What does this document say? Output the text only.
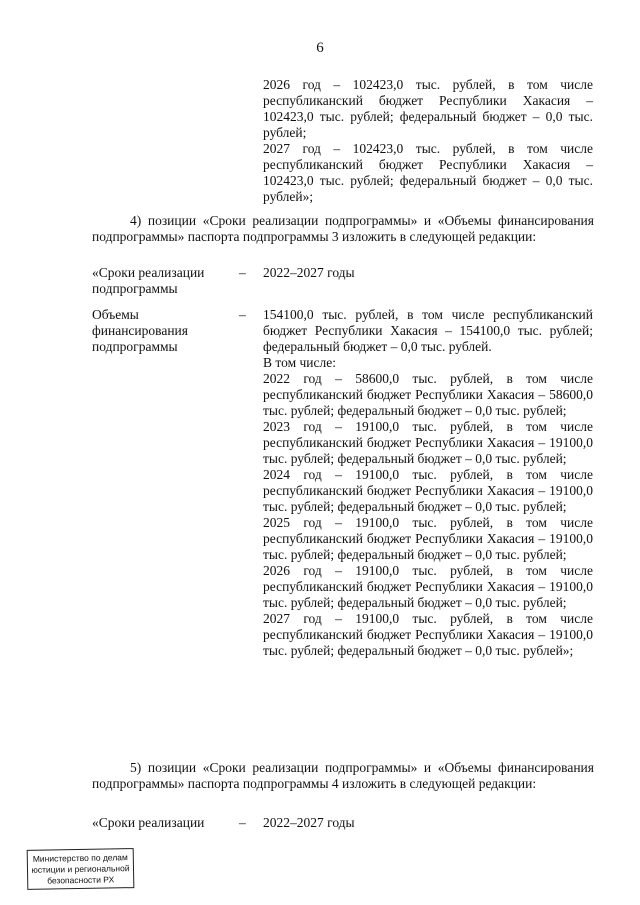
6

2026 год – 102423,0 тыс. рублей, в том числе республиканский бюджет Республики Хакасия – 102423,0 тыс. рублей; федеральный бюджет – 0,0 тыс. рублей;

2027 год – 102423,0 тыс. рублей, в том числе республиканский бюджет Республики Хакасия – 102423,0 тыс. рублей; федеральный бюджет – 0,0 тыс. рублей»;

4) позиции «Сроки реализации подпрограммы» и «Объемы финансирования подпрограммы» паспорта подпрограммы 3 изложить в следующей редакции:

«Сроки реализации подпрограммы
– 2022–2027 годы
Объемы финансирования подпрограммы
– 154100,0 тыс. рублей, в том числе республиканский бюджет Республики Хакасия – 154100,0 тыс. рублей; федеральный бюджет – 0,0 тыс. рублей.

В том числе:

2022 год – 58600,0 тыс. рублей, в том числе республиканский бюджет Республики Хакасия – 58600,0 тыс. рублей; федеральный бюджет – 0,0 тыс. рублей;

2023 год – 19100,0 тыс. рублей, в том числе республиканский бюджет Республики Хакасия – 19100,0 тыс. рублей; федеральный бюджет – 0,0 тыс. рублей;

2024 год – 19100,0 тыс. рублей, в том числе республиканский бюджет Республики Хакасия – 19100,0 тыс. рублей; федеральный бюджет – 0,0 тыс. рублей;

2025 год – 19100,0 тыс. рублей, в том числе республиканский бюджет Республики Хакасия – 19100,0 тыс. рублей; федеральный бюджет – 0,0 тыс. рублей;

2026 год – 19100,0 тыс. рублей, в том числе республиканский бюджет Республики Хакасия – 19100,0 тыс. рублей; федеральный бюджет – 0,0 тыс. рублей;

2027 год – 19100,0 тыс. рублей, в том числе республиканский бюджет Республики Хакасия – 19100,0 тыс. рублей; федеральный бюджет – 0,0 тыс. рублей»;

5) позиции «Сроки реализации подпрограммы» и «Объемы финансирования подпрограммы» паспорта подпрограммы 4 изложить в следующей редакции:

«Сроки реализации	– 2022–2027 годы
Министерство по делам
юстиции и региональной
безопасности РХ
